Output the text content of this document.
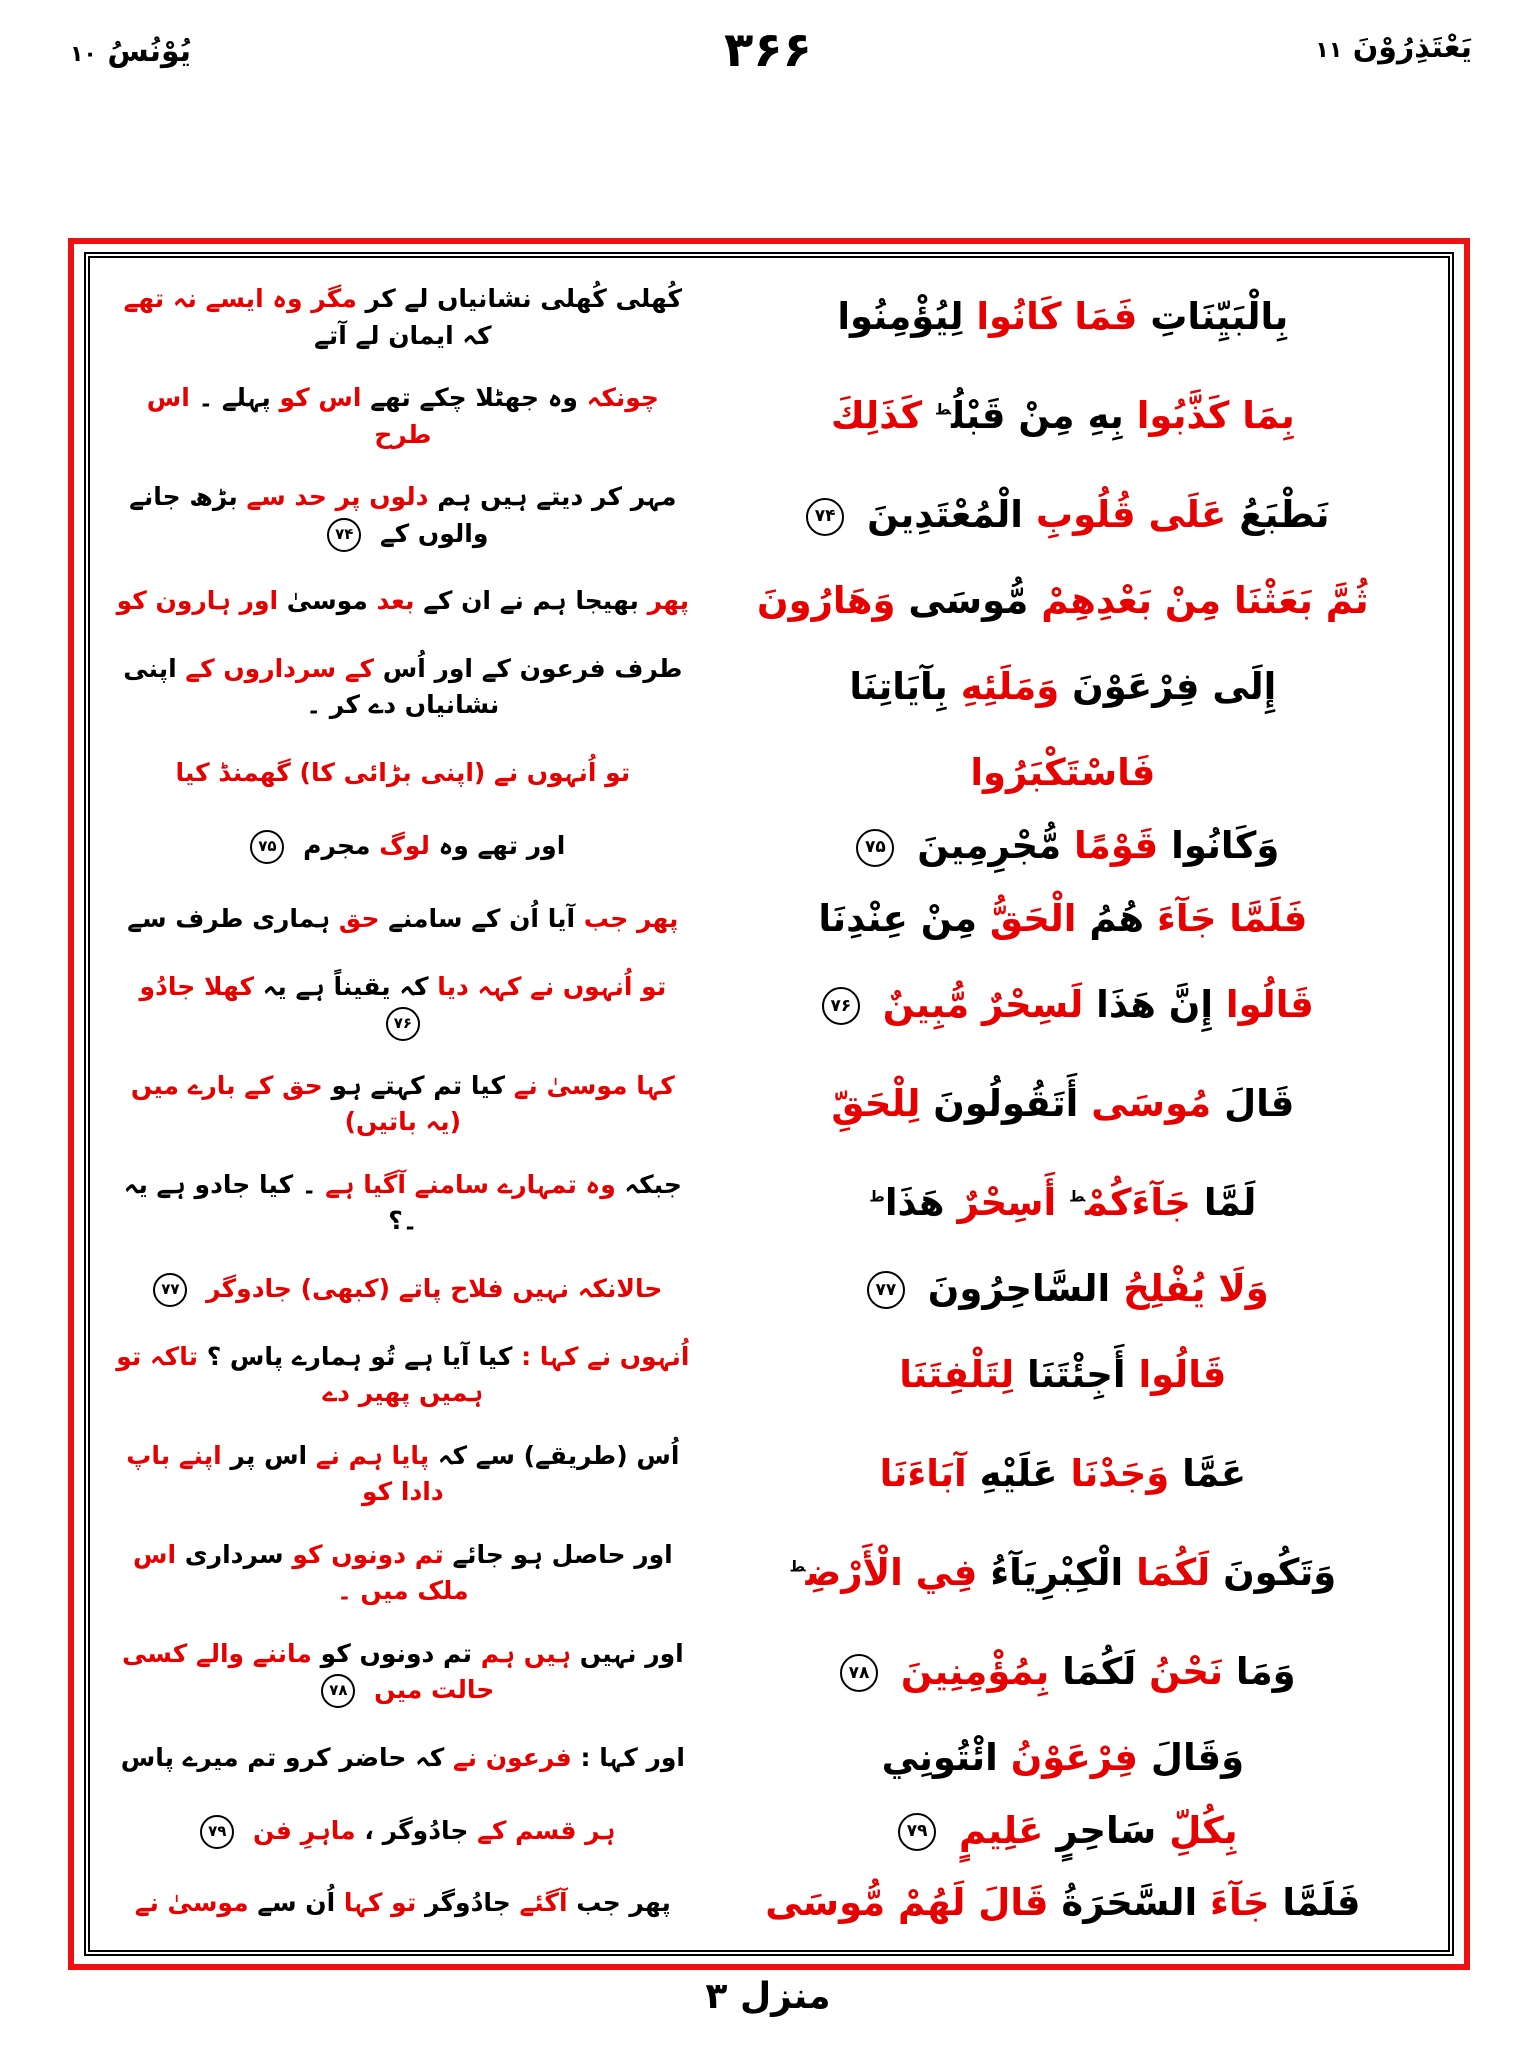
یَعْتَذِرُوْنَ ۱۱
۳۶۶
یُوْنُسُ ۱۰
بِالْبَيِّنَاتِ فَمَا كَانُوا لِيُؤْمِنُوا
کُھلی کُھلی نشانیاں لے کر مگر وہ ایسے نہ تھے کہ ایمان لے آتے
بِمَا كَذَّبُوا بِهِ مِنْ قَبْلُ$^ط$ كَذَلِكَ
چونکہ وہ جھٹلا چکے تھے اس کو پہلے ۔ اس طرح
نَطْبَعُ عَلَى قُلُوبِ الْمُعْتَدِينَ ۷۴
مہر کر دیتے ہیں ہم دلوں پر حد سے بڑھ جانے والوں کے ۷۴
ثُمَّ بَعَثْنَا مِنْ بَعْدِهِمْ مُّوسَى وَهَارُونَ
پھر بھیجا ہم نے ان کے بعد موسیٰ اور ہارون کو
إِلَى فِرْعَوْنَ وَمَلَئِهِ بِآيَاتِنَا
طرف فرعون کے اور اُس کے سرداروں کے اپنی نشانیاں دے کر ۔
فَاسْتَكْبَرُوا
تو اُنہوں نے (اپنی بڑائی کا) گھمنڈ کیا
وَكَانُوا قَوْمًا مُّجْرِمِينَ ۷۵
اور تھے وہ لوگ مجرم ۷۵
فَلَمَّا جَآءَ هُمُ الْحَقُّ مِنْ عِنْدِنَا
پھر جب آیا اُن کے سامنے حق ہماری طرف سے
قَالُوا إِنَّ هَذَا لَسِحْرٌ مُّبِينٌ ۷۶
تو اُنہوں نے کہہ دیا کہ یقیناً ہے یہ کھلا جادُو ۷۶
قَالَ مُوسَى أَتَقُولُونَ لِلْحَقِّ
کہا موسیٰ نے کیا تم کہتے ہو حق کے بارے میں (یہ باتیں)
لَمَّا جَآءَكُمْ$^ط$ أَسِحْرٌ هَذَا$^ط$
جبکہ وہ تمہارے سامنے آگیا ہے ۔ کیا جادو ہے یہ ۔؟
وَلَا يُفْلِحُ السَّاحِرُونَ ۷۷
حالانکہ نہیں فلاح پاتے (کبھی) جادوگر ۷۷
قَالُوا أَجِئْتَنَا لِتَلْفِتَنَا
اُنہوں نے کہا : کیا آیا ہے تُو ہمارے پاس ؟ تاکہ تو ہمیں پھیر دے
عَمَّا وَجَدْنَا عَلَيْهِ آبَاءَنَا
اُس (طریقے) سے کہ پایا ہم نے اس پر اپنے باپ دادا کو
وَتَكُونَ لَكُمَا الْكِبْرِيَآءُ فِي الْأَرْضِ$^ط$
اور حاصل ہو جائے تم دونوں کو سرداری اس ملک میں ۔
وَمَا نَحْنُ لَكُمَا بِمُؤْمِنِينَ ۷۸
اور نہیں ہیں ہم تم دونوں کو ماننے والے کسی حالت میں ۷۸
وَقَالَ فِرْعَوْنُ ائْتُونِي
اور کہا : فرعون نے کہ حاضر کرو تم میرے پاس
بِكُلِّ سَاحِرٍ عَلِيمٍ ۷۹
ہر قسم کے جادُوگر ، ماہرِ فن ۷۹
فَلَمَّا جَآءَ السَّحَرَةُ قَالَ لَهُمْ مُّوسَى
پھر جب آگئے جادُوگر تو کہا اُن سے موسیٰ نے
منزل ۳
